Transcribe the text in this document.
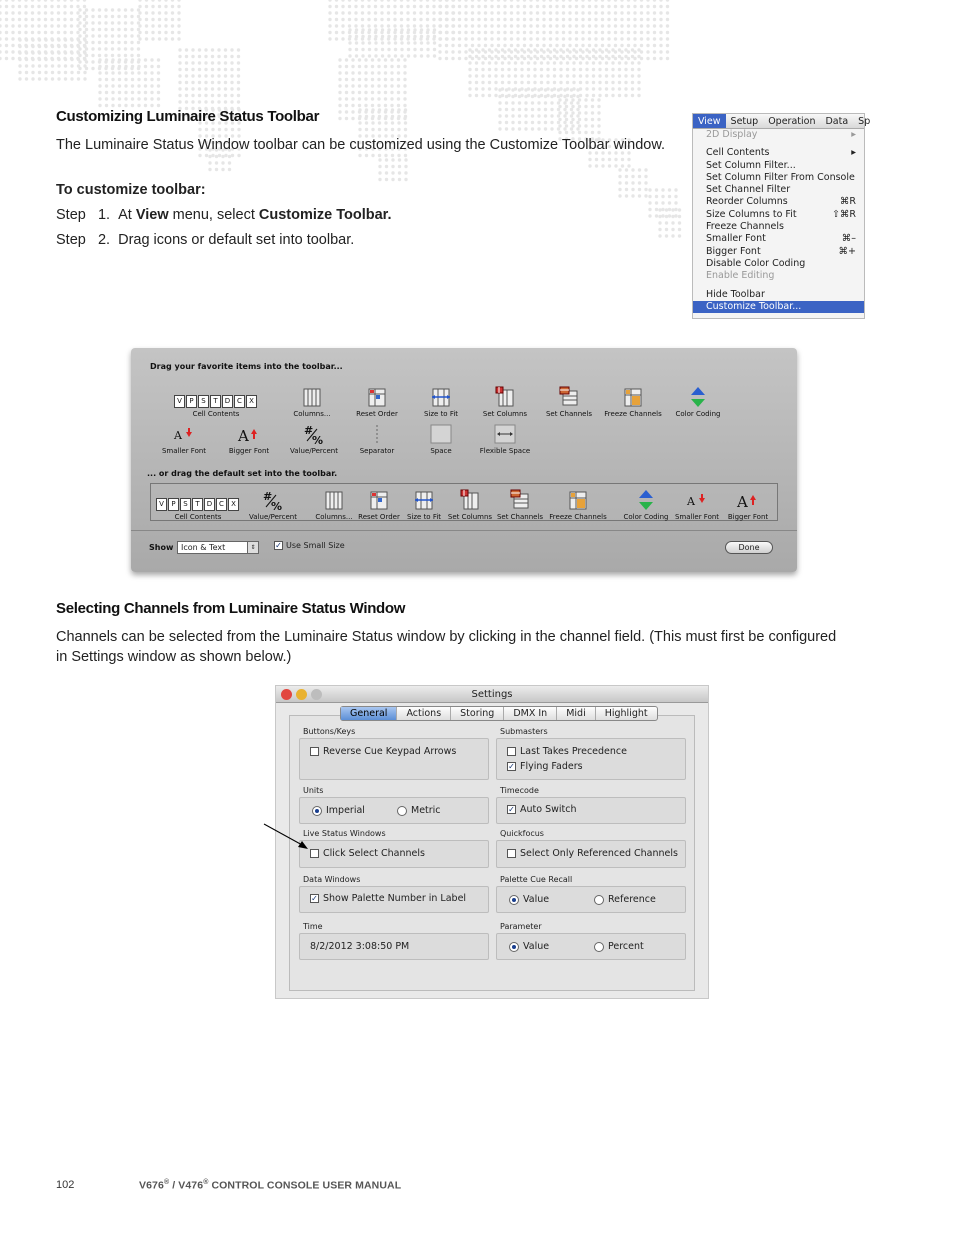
Customizing Luminaire Status Toolbar
The Luminaire Status Window toolbar can be customized using the Customize Toolbar window.
To customize toolbar:
Step 1. At View menu, select Customize Toolbar.
Step 2. Drag icons or default set into toolbar.
View	Setup	Operation	Data	Sp
2D Display	▸
Cell Contents	▸
Set Column Filter...
Set Column Filter From Console
Set Channel Filter
Reorder Columns	⌘R
Size Columns to Fit	⇧⌘R
Freeze Channels
Smaller Font	⌘–
Bigger Font	⌘+
Disable Color Coding
Enable Editing
Hide Toolbar
Customize Toolbar...
Drag your favorite items into the toolbar...
V	P	S	T	D C	X
Cell Contents	Columns...	Reset Order	Size to Fit	Set Columns	Set Channels	Freeze Channels	Color Coding
A
Smaller Font
A
Bigger Font
#
%
Value/Percent	Separator	Space	Flexible Space
... or drag the default set into the toolbar.
V	P	S	T	D C	X
Cell Contents
#
%
Value/Percent	Columns... Reset Order	Size to Fit Set Columns Set Channels Freeze Channels	Color Coding
A
Smaller Font
A
Bigger Font
Show Icon & Text	⇕	✓ Use Small Size	Done
Selecting Channels from Luminaire Status Window
Channels can be selected from the Luminaire Status window by clicking in the channel field. (This must first be configured in Settings window as shown below.)
Settings
Buttons/Keys
Reverse Cue Keypad Arrows
Units
Imperial	Metric
Live Status Windows
Click Select Channels
Data Windows
✓ Show Palette Number in Label
Time
8/2/2012 3:08:50 PM
Submasters
Last Takes Precedence
✓ Flying Faders
Timecode
✓ Auto Switch
Quickfocus
Select Only Referenced Channels
Palette Cue Recall
Value	Reference
Parameter
Value	Percent
General	Actions	Storing	DMX In	Midi	Highlight
102	V676® / V476® CONTROL CONSOLE USER MANUAL
